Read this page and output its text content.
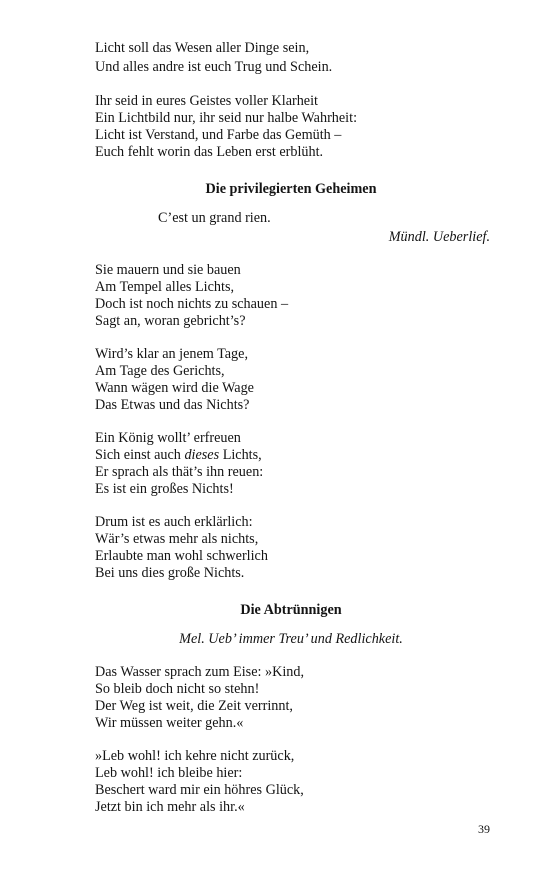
Licht soll das Wesen aller Dinge sein,
Und alles andre ist euch Trug und Schein.
Ihr seid in eures Geistes voller Klarheit
Ein Lichtbild nur, ihr seid nur halbe Wahrheit:
Licht ist Verstand, und Farbe das Gemüth –
Euch fehlt worin das Leben erst erblüht.
Die privilegierten Geheimen
C’est un grand rien.
Mündl. Ueberlief.
Sie mauern und sie bauen
Am Tempel alles Lichts,
Doch ist noch nichts zu schauen –
Sagt an, woran gebricht’s?
Wird’s klar an jenem Tage,
Am Tage des Gerichts,
Wann wägen wird die Wage
Das Etwas und das Nichts?
Ein König wollt’ erfreuen
Sich einst auch dieses Lichts,
Er sprach als thät’s ihn reuen:
Es ist ein großes Nichts!
Drum ist es auch erklärlich:
Wär’s etwas mehr als nichts,
Erlaubte man wohl schwerlich
Bei uns dies große Nichts.
Die Abtrünnigen
Mel. Ueb’ immer Treu’ und Redlichkeit.
Das Wasser sprach zum Eise: »Kind,
So bleib doch nicht so stehn!
Der Weg ist weit, die Zeit verrinnt,
Wir müssen weiter gehn.«
»Leb wohl! ich kehre nicht zurück,
Leb wohl! ich bleibe hier:
Beschert ward mir ein höhres Glück,
Jetzt bin ich mehr als ihr.«
39
